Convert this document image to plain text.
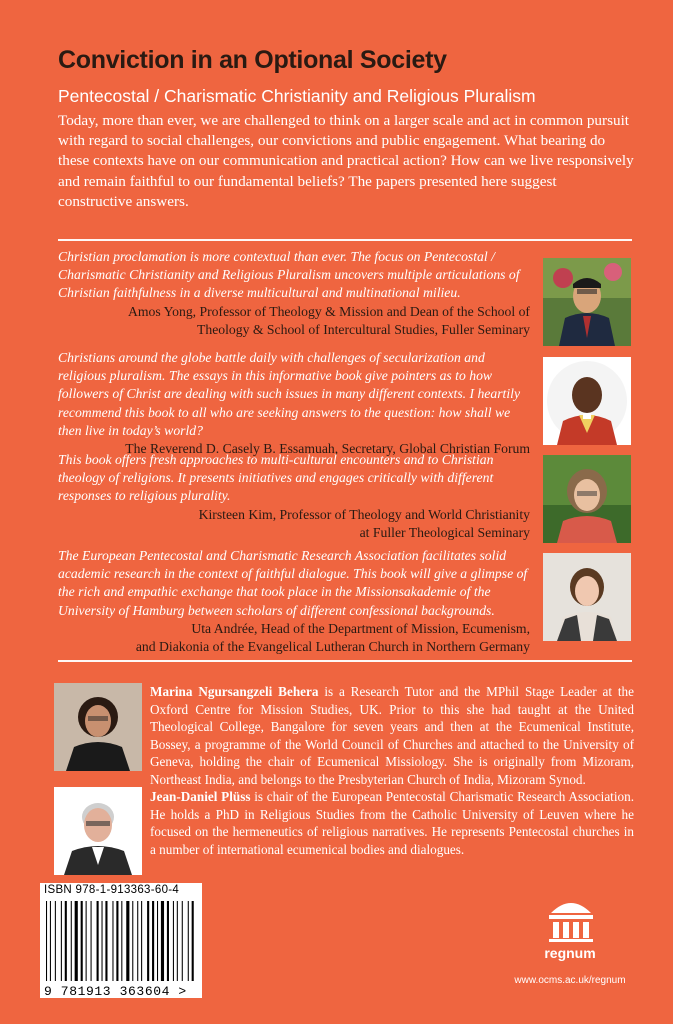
Conviction in an Optional Society
Pentecostal / Charismatic Christianity and Religious Pluralism
Today, more than ever, we are challenged to think on a larger scale and act in common pursuit with regard to social challenges, our convictions and public engagement. What bearing do these contexts have on our communication and practical action? How can we live responsively and remain faithful to our fundamental beliefs? The papers presented here suggest constructive answers.

Christian proclamation is more contextual than ever. The focus on Pentecostal / Charismatic Christianity and Religious Pluralism uncovers multiple articulations of Christian faithfulness in a diverse multicultural and multinational milieu.

Amos Yong, Professor of Theology & Mission and Dean of the School of

Theology & School of Intercultural Studies, Fuller Seminary

Christians around the globe battle daily with challenges of secularization and religious pluralism. The essays in this informative book give pointers as to how followers of Christ are dealing with such issues in many different contexts. I heartily recommend this book to all who are seeking answers to the question: how shall we then live in today’s world?

The Reverend D. Casely B. Essamuah, Secretary, Global Christian Forum

This book offers fresh approaches to multi-cultural encounters and to Christian theology of religions. It presents initiatives and engages critically with different responses to religious plurality.

Kirsteen Kim, Professor of Theology and World Christianity

at Fuller Theological Seminary

The European Pentecostal and Charismatic Research Association facilitates solid academic research in the context of faithful dialogue. This book will give a glimpse of the rich and empathic exchange that took place in the Missionsakademie of the University of Hamburg between scholars of different confessional backgrounds.

Uta Andrée, Head of the Department of Mission, Ecumenism,

and Diakonia of the Evangelical Lutheran Church in Northern Germany

Marina Ngursangzeli Behera is a Research Tutor and the MPhil Stage Leader at the Oxford Centre for Mission Studies, UK. Prior to this she had taught at the United Theological College, Bangalore for seven years and then at the Ecumenical Institute, Bossey, a programme of the World Council of Churches and attached to the University of Geneva, holding the chair of Ecumenical Missiology. She is originally from Mizoram, Northeast India, and belongs to the Presbyterian Church of India, Mizoram Synod.
Jean-Daniel Plüss is chair of the European Pentecostal Charismatic Research Association. He holds a PhD in Religious Studies from the Catholic University of Leuven where he focused on the hermeneutics of religious narratives. He represents Pentecostal churches in a number of international ecumenical bodies and dialogues.
ISBN 978-1-913363-60-4
9 781913 363604 >
regnum
www.ocms.ac.uk/regnum
